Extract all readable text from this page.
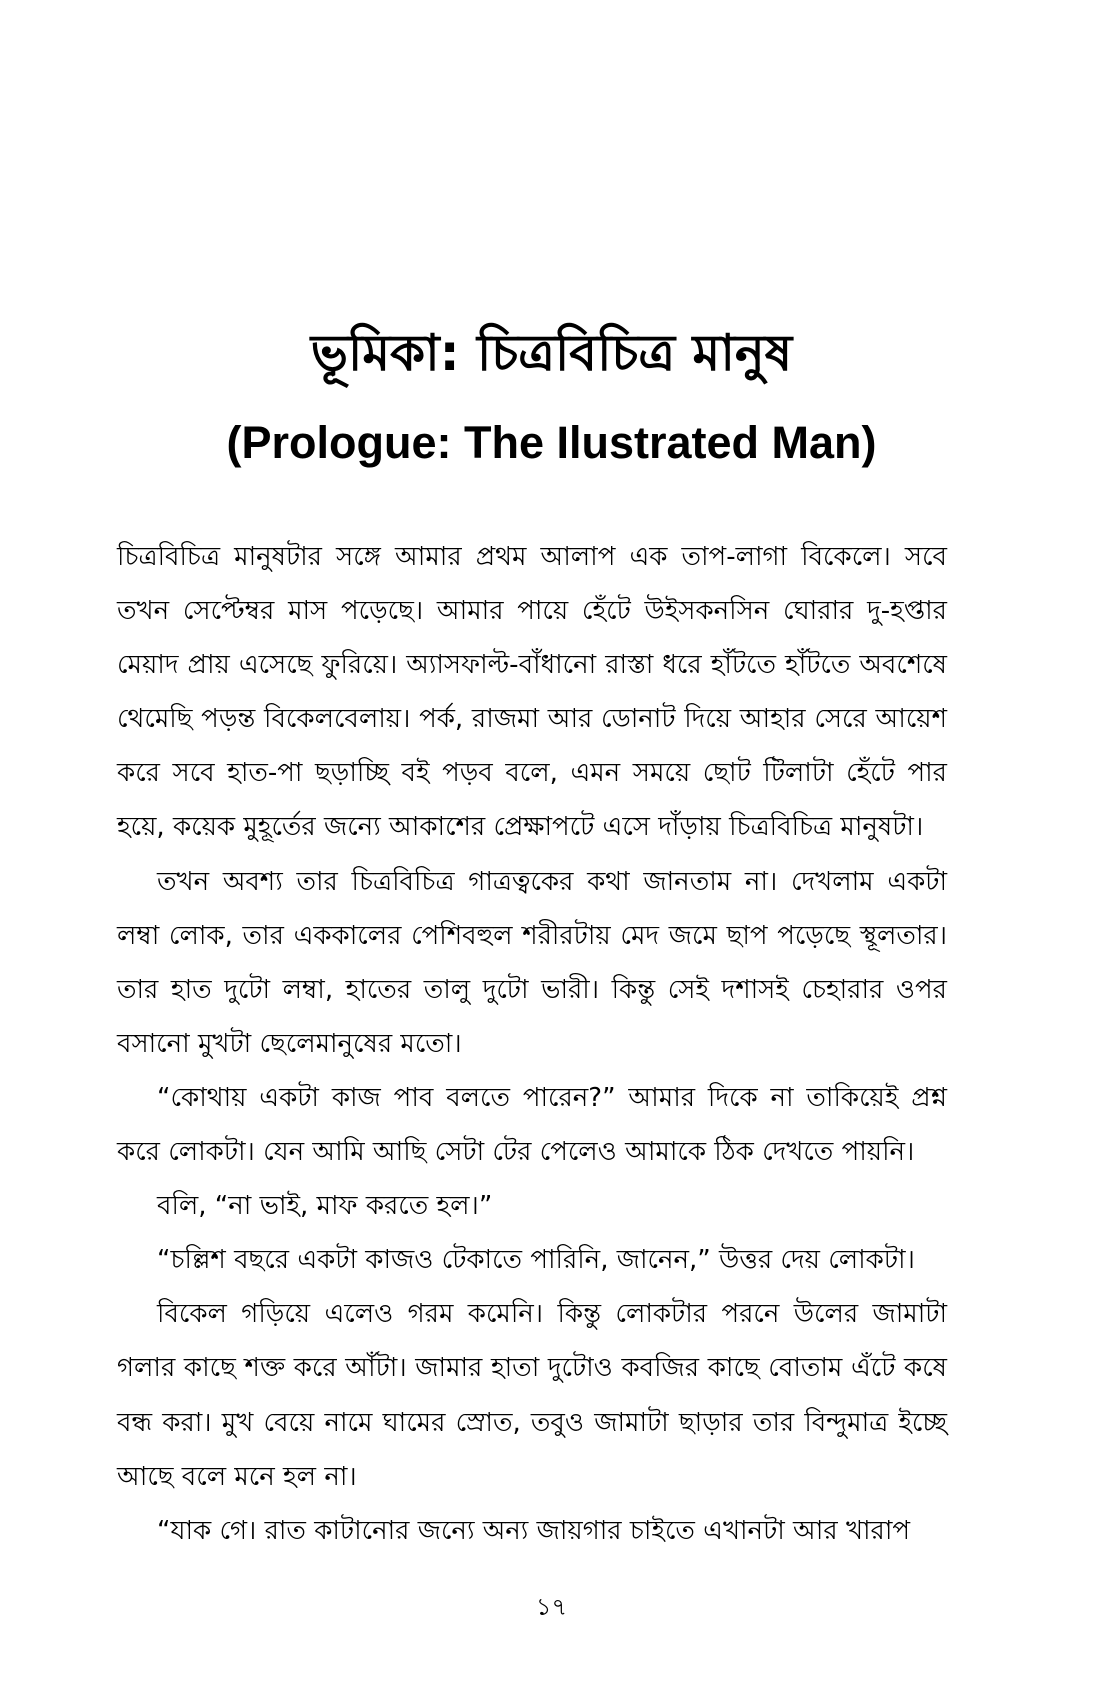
ভূমিকা: চিত্রবিচিত্র মানুষ
(Prologue: The Ilustrated Man)

চিত্রবিচিত্র মানুষটার সঙ্গে আমার প্রথম আলাপ এক তাপ-লাগা বিকেলে। সবে তখন সেপ্টেম্বর মাস পড়েছে। আমার পায়ে হেঁটে উইসকনসিন ঘোরার দু-হপ্তার মেয়াদ প্রায় এসেছে ফুরিয়ে। অ্যাসফাল্ট-বাঁধানো রাস্তা ধরে হাঁটতে হাঁটতে অবশেষে থেমেছি পড়ন্ত বিকেলবেলায়। পর্ক, রাজমা আর ডোনাট দিয়ে আহার সেরে আয়েশ করে সবে হাত-পা ছড়াচ্ছি বই পড়ব বলে, এমন সময়ে ছোট টিলাটা হেঁটে পার হয়ে, কয়েক মুহূর্তের জন্যে আকাশের প্রেক্ষাপটে এসে দাঁড়ায় চিত্রবিচিত্র মানুষটা।

তখন অবশ্য তার চিত্রবিচিত্র গাত্রত্বকের কথা জানতাম না। দেখলাম একটা লম্বা লোক, তার এককালের পেশিবহুল শরীরটায় মেদ জমে ছাপ পড়েছে স্থূলতার। তার হাত দুটো লম্বা, হাতের তালু দুটো ভারী। কিন্তু সেই দশাসই চেহারার ওপর বসানো মুখটা ছেলেমানুষের মতো।

“কোথায় একটা কাজ পাব বলতে পারেন?” আমার দিকে না তাকিয়েই প্রশ্ন করে লোকটা। যেন আমি আছি সেটা টের পেলেও আমাকে ঠিক দেখতে পায়নি।

বলি, “না ভাই, মাফ করতে হল।”

“চল্লিশ বছরে একটা কাজও টেকাতে পারিনি, জানেন,” উত্তর দেয় লোকটা।

বিকেল গড়িয়ে এলেও গরম কমেনি। কিন্তু লোকটার পরনে উলের জামাটা গলার কাছে শক্ত করে আঁটা। জামার হাতা দুটোও কবজির কাছে বোতাম এঁটে কষে বন্ধ করা। মুখ বেয়ে নামে ঘামের স্রোত, তবুও জামাটা ছাড়ার তার বিন্দুমাত্র ইচ্ছে আছে বলে মনে হল না।

“যাক গে। রাত কাটানোর জন্যে অন্য জায়গার চাইতে এখানটা আর খারাপ

১৭
